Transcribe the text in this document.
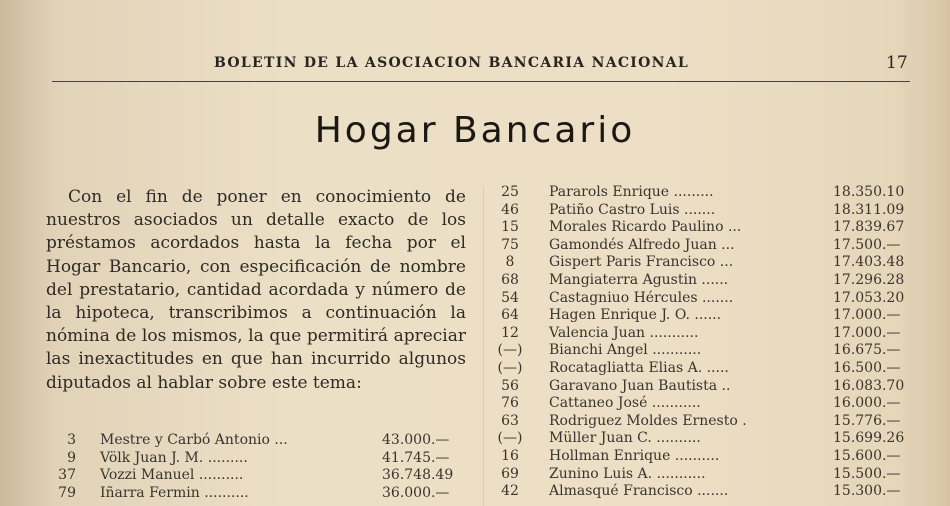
BOLETIN DE LA ASOCIACION BANCARIA NACIONAL	17
Hogar Bancario

Con el fin de poner en conocimiento de nuestros asociados un detalle exacto de los préstamos acordados hasta la fecha por el Hogar Bancario, con especificación de nombre del prestatario, cantidad acordada y número de la hipoteca, transcribimos a continuación la nómina de los mismos, la que permitirá apreciar las inexactitudes en que han incurrido algunos diputados al hablar sobre este tema:

3 Mestre y Carbó Antonio ...	43.000.—
9 Völk Juan J. M. .........	41.745.—
37 Vozzi Manuel ..........	36.748.49
79 Iñarra Fermin ..........	36.000.—
25	Pararols Enrique .........	18.350.10
46	Patiño Castro Luis .......	18.311.09
15	Morales Ricardo Paulino ...	17.839.67
75	Gamondés Alfredo Juan ...	17.500.—
8	Gispert Paris Francisco ...	17.403.48
68	Mangiaterra Agustin ......	17.296.28
54	Castagniuo Hércules .......	17.053.20
64	Hagen Enrique J. O. ......	17.000.—
12	Valencia Juan ...........	17.000.—
(—) Bianchi Angel ...........	16.675.—
(—) Rocatagliatta Elias A. .....	16.500.—
56	Garavano Juan Bautista ..	16.083.70
76	Cattaneo José ...........	16.000.—
63	Rodriguez Moldes Ernesto .	15.776.—
(—) Müller Juan C. ..........	15.699.26
16	Hollman Enrique ..........	15.600.—
69	Zunino Luis A. ...........	15.500.—
42	Almasqué Francisco .......	15.300.—
